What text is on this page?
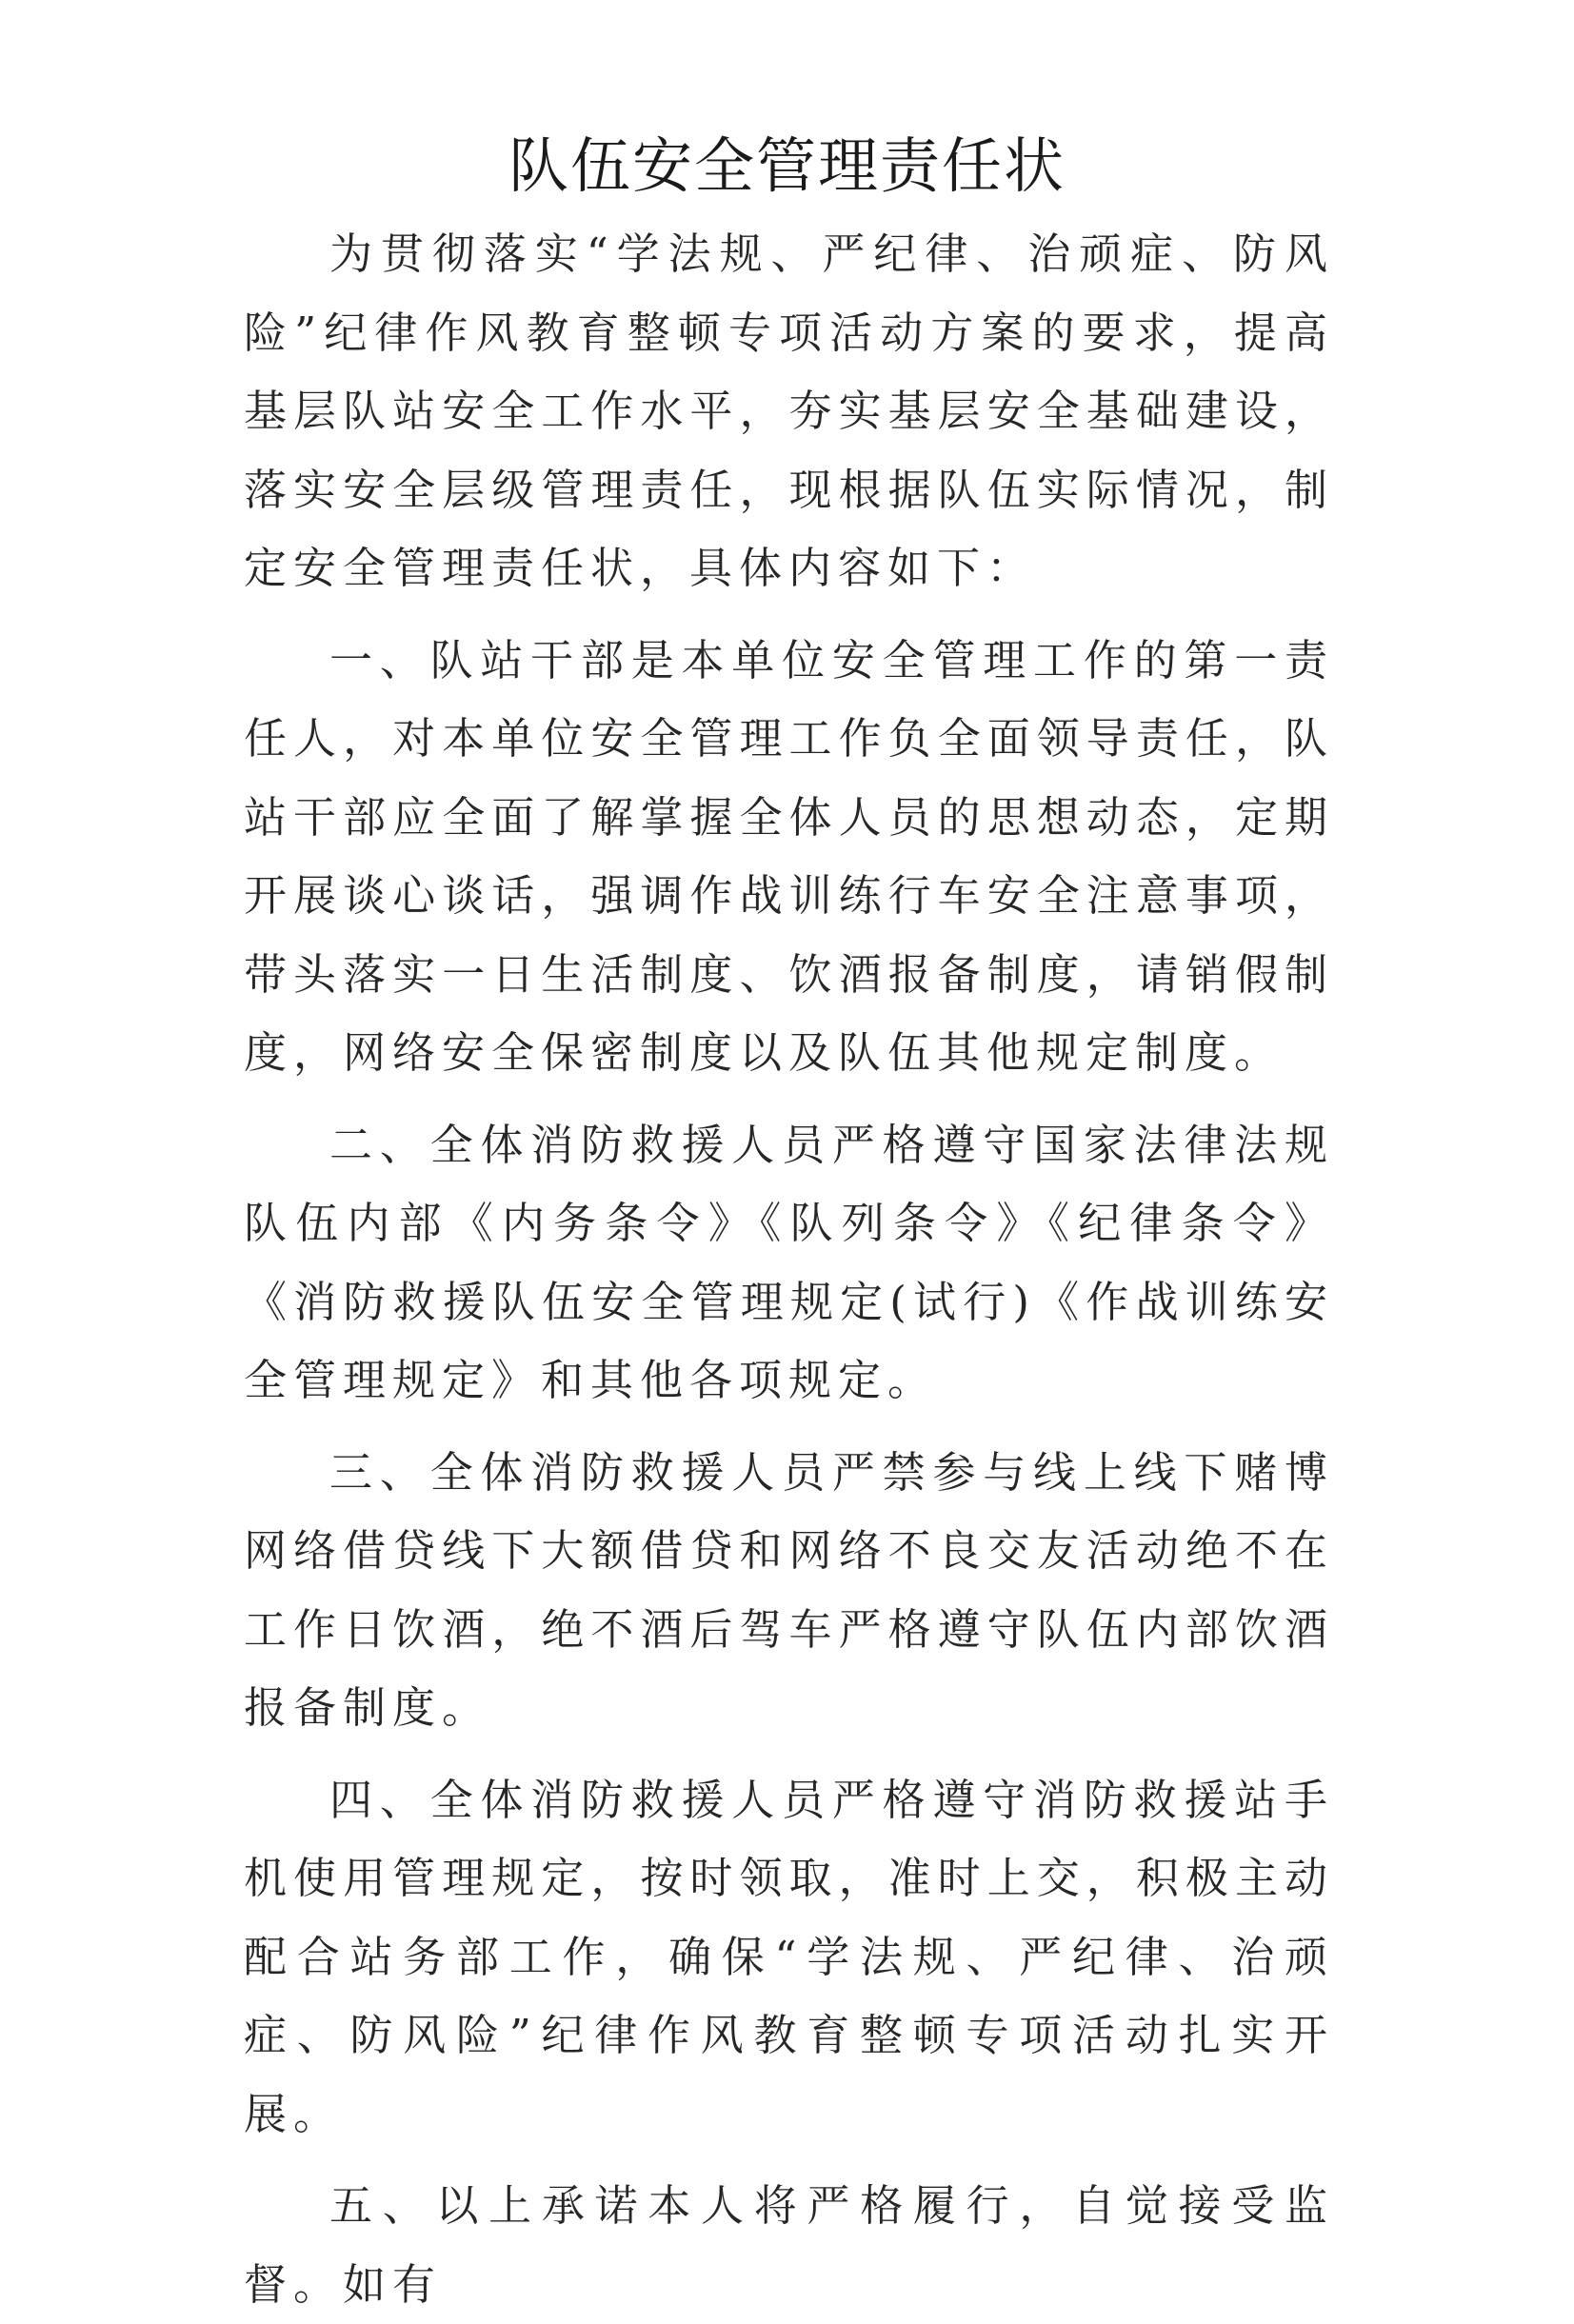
队伍安全管理责任状

为贯彻落实“学法规、严纪律、治顽症、防风险”纪律作风教育整顿专项活动方案的要求，提高基层队站安全工作水平，夯实基层安全基础建设，落实安全层级管理责任，现根据队伍实际情况，制定安全管理责任状，具体内容如下：

一、队站干部是本单位安全管理工作的第一责任人，对本单位安全管理工作负全面领导责任，队站干部应全面了解掌握全体人员的思想动态，定期开展谈心谈话，强调作战训练行车安全注意事项，带头落实一日生活制度、饮酒报备制度，请销假制度，网络安全保密制度以及队伍其他规定制度。

二、全体消防救援人员严格遵守国家法律法规队伍内部《内务条令》《队列条令》《纪律条令》《消防救援队伍安全管理规定(试行)《作战训练安全管理规定》和其他各项规定。

三、全体消防救援人员严禁参与线上线下赌博网络借贷线下大额借贷和网络不良交友活动绝不在工作日饮酒，绝不酒后驾车严格遵守队伍内部饮酒报备制度。

四、全体消防救援人员严格遵守消防救援站手机使用管理规定，按时领取，准时上交，积极主动配合站务部工作，确保“学法规、严纪律、治顽症、防风险”纪律作风教育整顿专项活动扎实开展。

五、以上承诺本人将严格履行，自觉接受监督。如有
